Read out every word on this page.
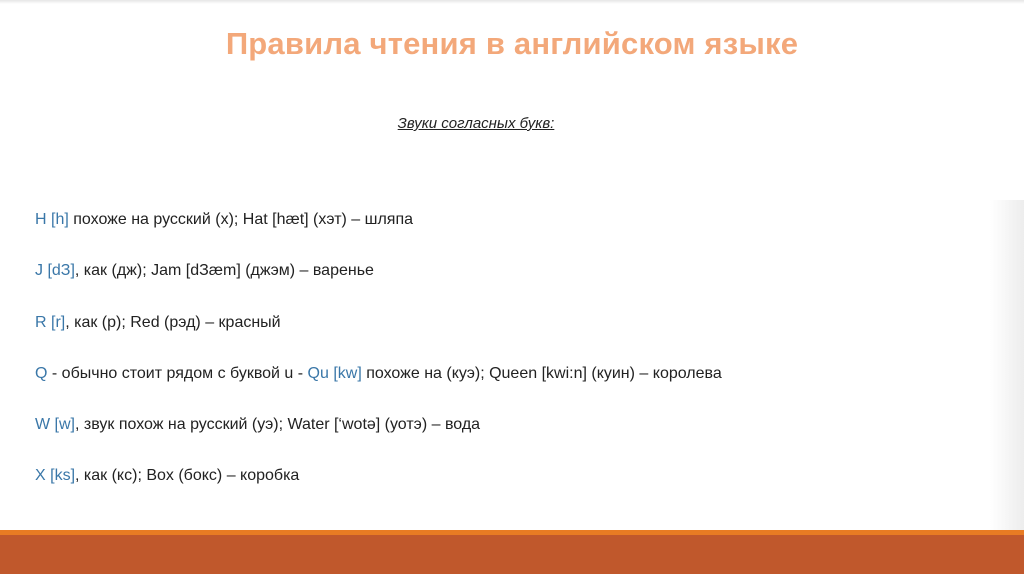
Правила чтения в английском языке
Звуки согласных букв:
H [h] похоже на русский (х); Hat [hæt] (хэт) – шляпа
J [dЗ], как (дж); Jam [dЗæm] (джэм) – варенье
R [r], как (р); Red (рэд) – красный
Q - обычно стоит рядом с буквой u - Qu [kw] похоже на (куэ); Queen [kwi:n] (куин) – королева
W [w], звук похож на русский (уэ); Water [‘wotə] (уотэ) – вода
X [ks], как (кс); Box (бокс) – коробка
